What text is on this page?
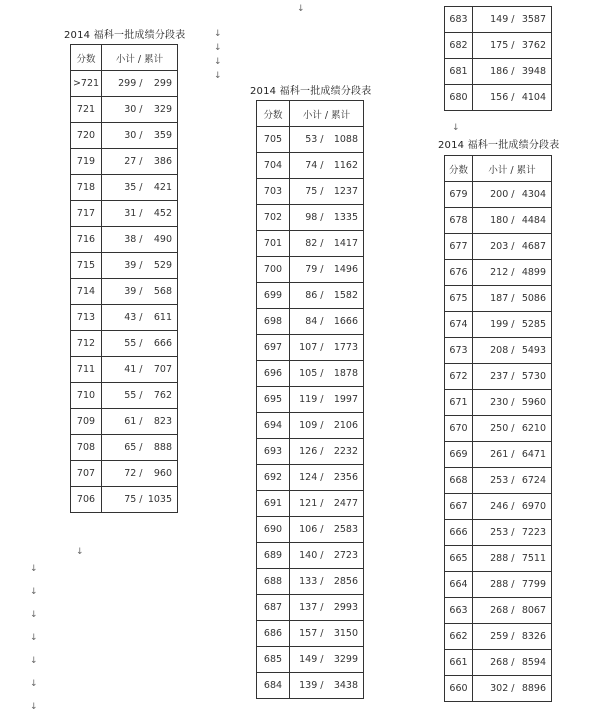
2014 福科一批成绩分段表
分数	小计 / 累计	
>721	299 /	299
721	30 /	329
720	30 /	359
719	27 /	386
718	35 /	421
717	31 /	452
716	38 /	490
715	39 /	529
714	39 /	568
713	43 /	611
712	55 /	666
711	41 /	707
710	55 /	762
709	61 /	823
708	65 /	888
707	72 /	960
706	75 /	1035
2014 福科一批成绩分段表
分数	小计 / 累计	
705	53 /	1088
704	74 /	1162
703	75 /	1237
702	98 /	1335
701	82 /	1417
700	79 /	1496
699	86 /	1582
698	84 /	1666
697	107 /	1773
696	105 /	1878
695	119 /	1997
694	109 /	2106
693	126 /	2232
692	124 /	2356
691	121 /	2477
690	106 /	2583
689	140 /	2723
688	133 /	2856
687	137 /	2993
686	157 /	3150
685	149 /	3299
684	139 /	3438
683	149 /	3587
682	175 /	3762
681	186 /	3948
680	156 /	4104
2014 福科一批成绩分段表
分数	小计 / 累计	
679	200 /	4304
678	180 /	4484
677	203 /	4687
676	212 /	4899
675	187 /	5086
674	199 /	5285
673	208 /	5493
672	237 /	5730
671	230 /	5960
670	250 /	6210
669	261 /	6471
668	253 /	6724
667	246 /	6970
666	253 /	7223
665	288 /	7511
664	288 /	7799
663	268 /	8067
662	259 /	8326
661	268 /	8594
660	302 /	8896
↓
↓
↓
↓
↓
↓
↓
↓
↓
↓
↓
↓
↓
↓
